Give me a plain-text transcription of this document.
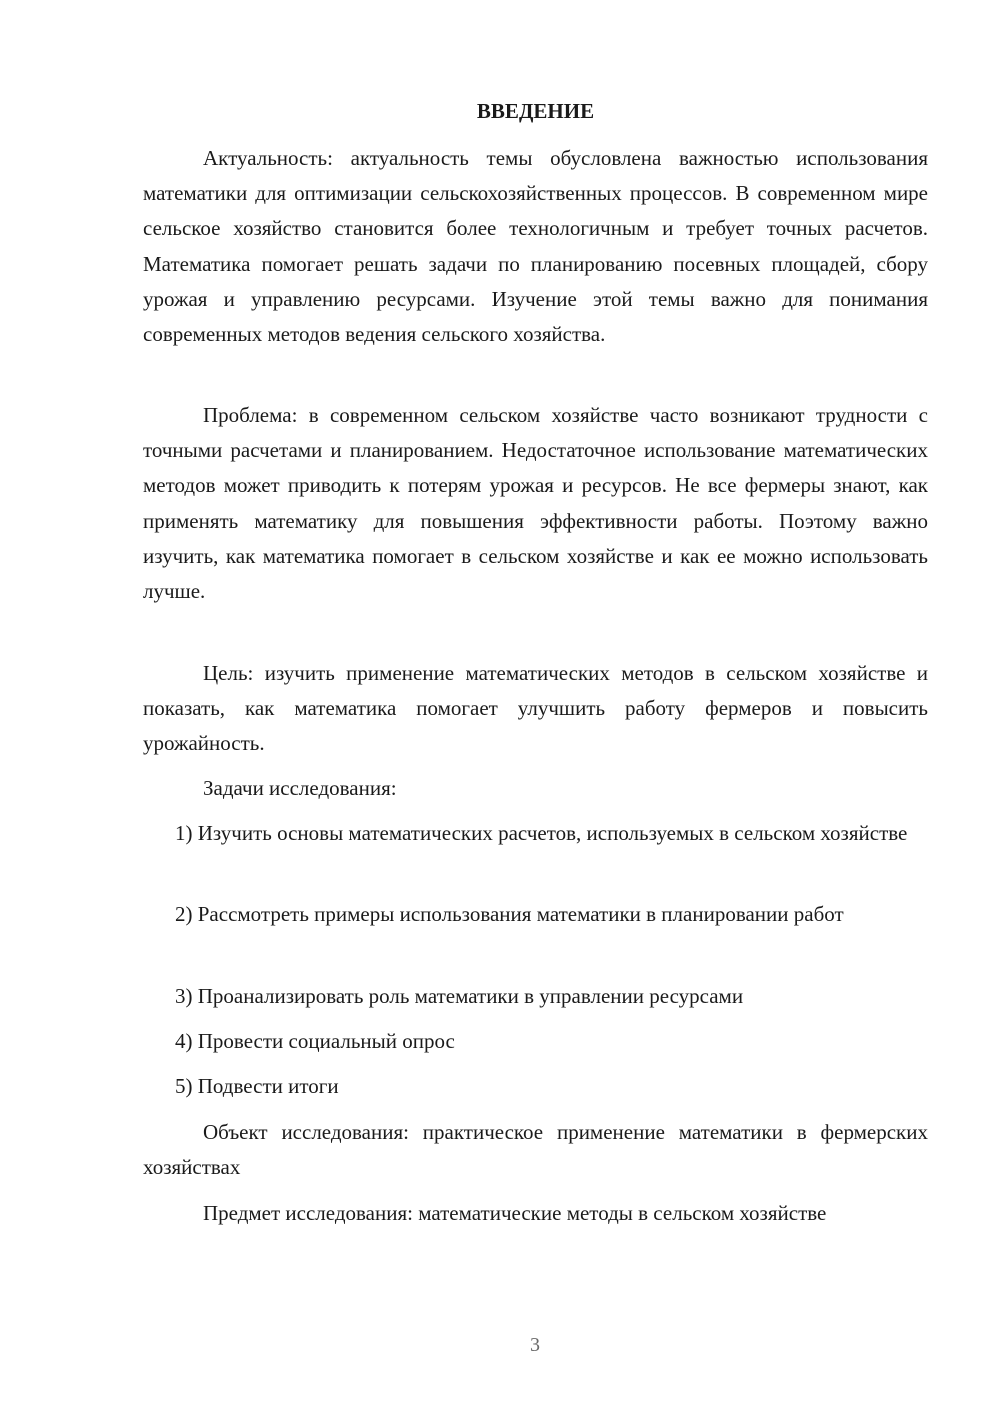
ВВЕДЕНИЕ

Актуальность: актуальность темы обусловлена важностью использования математики для оптимизации сельскохозяйственных процессов. В современном мире сельское хозяйство становится более технологичным и требует точных расчетов. Математика помогает решать задачи по планированию посевных площадей, сбору урожая и управлению ресурсами. Изучение этой темы важно для понимания современных методов ведения сельского хозяйства.

Проблема: в современном сельском хозяйстве часто возникают трудности с точными расчетами и планированием. Недостаточное использование математических методов может приводить к потерям урожая и ресурсов. Не все фермеры знают, как применять математику для повышения эффективности работы. Поэтому важно изучить, как математика помогает в сельском хозяйстве и как ее можно использовать лучше.

Цель: изучить применение математических методов в сельском хозяйстве и показать, как математика помогает улучшить работу фермеров и повысить урожайность.

Задачи исследования:

1) Изучить основы математических расчетов, используемых в сельском хозяйстве

2) Рассмотреть примеры использования математики в планировании работ

3) Проанализировать роль математики в управлении ресурсами

4) Провести социальный опрос

5) Подвести итоги

Объект исследования: практическое применение математики в фермерских хозяйствах

Предмет исследования: математические методы в сельском хозяйстве

3
